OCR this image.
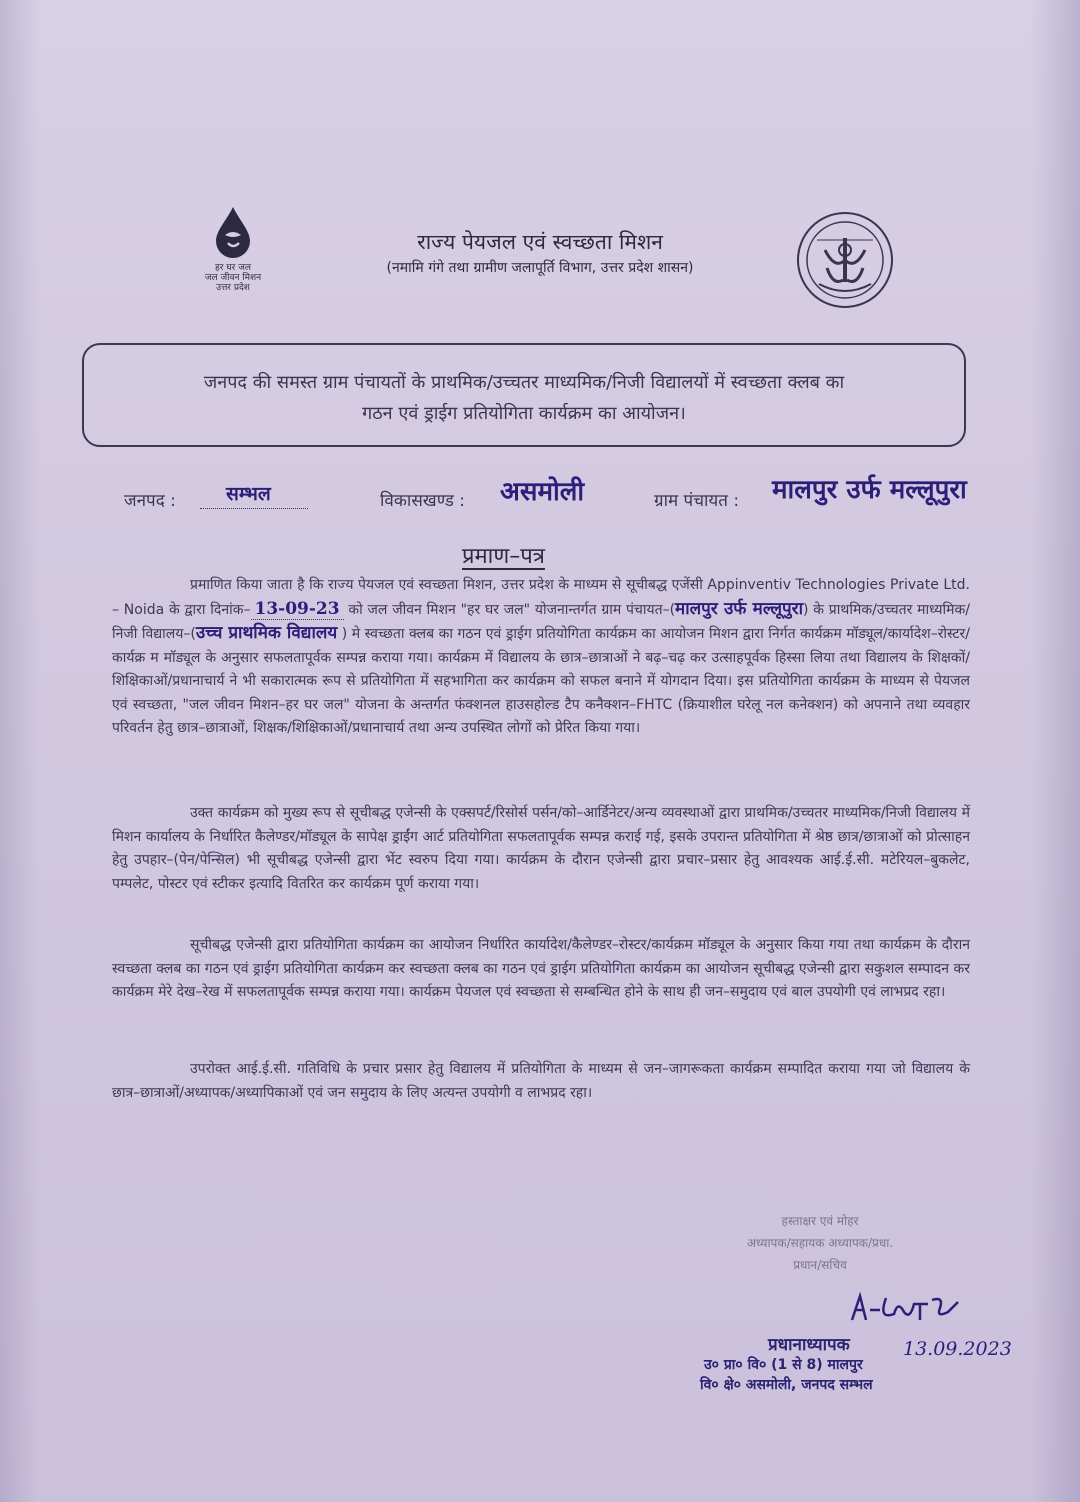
हर घर जल
जल जीवन मिशन
उत्तर प्रदेश
राज्य पेयजल एवं स्वच्छता मिशन
(नमामि गंगे तथा ग्रामीण जलापूर्ति विभाग, उत्तर प्रदेश शासन)

जनपद की समस्त ग्राम पंचायतों के प्राथमिक/उच्चतर माध्यमिक/निजी विद्यालयों में स्वच्छता क्लब का
गठन एवं ड्राईग प्रतियोगिता कार्यक्रम का आयोजन।

जनपद :	सम्भल	विकासखण्ड : असमोली	ग्राम पंचायत : मालपुर उर्फ मल्लूपुरा
प्रमाण–पत्र

प्रमाणित किया जाता है कि राज्य पेयजल एवं स्वच्छता मिशन, उत्तर प्रदेश के माध्यम से सूचीबद्ध एजेंसी Appinventiv Technologies Private Ltd. – Noida के द्वारा दिनांक– 13-09-23 को जल जीवन मिशन "हर घर जल" योजनान्तर्गत ग्राम पंचायत–(मालपुर उर्फ मल्लूपुरा) के प्राथमिक/उच्चतर माध्यमिक/निजी विद्यालय–(उच्च प्राथमिक विद्यालय ) मे स्वच्छता क्लब का गठन एवं ड्राईग प्रतियोगिता कार्यक्रम का आयोजन मिशन द्वारा निर्गत कार्यक्रम मॉड्यूल/कार्यादेश–रोस्टर/कार्यक्र म मॉड्यूल के अनुसार सफलतापूर्वक सम्पन्न कराया गया। कार्यक्रम में विद्यालय के छात्र–छात्राओं ने बढ़–चढ़ कर उत्साहपूर्वक हिस्सा लिया तथा विद्यालय के शिक्षकों/शिक्षिकाओं/प्रधानाचार्य ने भी सकारात्मक रूप से प्रतियोगिता में सहभागिता कर कार्यक्रम को सफल बनाने में योगदान दिया। इस प्रतियोगिता कार्यक्रम के माध्यम से पेयजल एवं स्वच्छता, "जल जीवन मिशन–हर घर जल" योजना के अन्तर्गत फंक्शनल हाउसहोल्ड टैप कनैक्शन–FHTC (क्रियाशील घरेलू नल कनेक्शन) को अपनाने तथा व्यवहार परिवर्तन हेतु छात्र–छात्राओं, शिक्षक/शिक्षिकाओं/प्रधानाचार्य तथा अन्य उपस्थित लोगों को प्रेरित किया गया।

उक्त कार्यक्रम को मुख्य रूप से सूचीबद्ध एजेन्सी के एक्सपर्ट/रिसोर्स पर्सन/को–आर्डिनेटर/अन्य व्यवस्थाओं द्वारा प्राथमिक/उच्चतर माध्यमिक/निजी विद्यालय में मिशन कार्यालय के निर्धारित कैलेण्डर/मॉड्यूल के सापेक्ष ड्राईंग आर्ट प्रतियोगिता सफलतापूर्वक सम्पन्न कराई गई, इसके उपरान्त प्रतियोगिता में श्रेष्ठ छात्र/छात्राओं को प्रोत्साहन हेतु उपहार–(पेन/पेन्सिल) भी सूचीबद्ध एजेन्सी द्वारा भेंट स्वरुप दिया गया। कार्यक्रम के दौरान एजेन्सी द्वारा प्रचार–प्रसार हेतु आवश्यक आई.ई.सी. मटेरियल–बुकलेट, पम्पलेट, पोस्टर एवं स्टीकर इत्यादि वितरित कर कार्यक्रम पूर्ण कराया गया।

सूचीबद्ध एजेन्सी द्वारा प्रतियोगिता कार्यक्रम का आयोजन निर्धारित कार्यादेश/कैलेण्डर–रोस्टर/कार्यक्रम मॉड्यूल के अनुसार किया गया तथा कार्यक्रम के दौरान स्वच्छता क्लब का गठन एवं ड्राईग प्रतियोगिता कार्यक्रम कर स्वच्छता क्लब का गठन एवं ड्राईग प्रतियोगिता कार्यक्रम का आयोजन सूचीबद्ध एजेन्सी द्वारा सकुशल सम्पादन कर कार्यक्रम मेरे देख–रेख में सफलतापूर्वक सम्पन्न कराया गया। कार्यक्रम पेयजल एवं स्वच्छता से सम्बन्धित होने के साथ ही जन–समुदाय एवं बाल उपयोगी एवं लाभप्रद रहा।

उपरोक्त आई.ई.सी. गतिविधि के प्रचार प्रसार हेतु विद्यालय में प्रतियोगिता के माध्यम से जन–जागरूकता कार्यक्रम सम्पादित कराया गया जो विद्यालय के छात्र–छात्राओं/अध्यापक/अध्यापिकाओं एवं जन समुदाय के लिए अत्यन्त उपयोगी व लाभप्रद रहा।

हस्ताक्षर एवं मोहर
अध्यापक/सहायक अध्यापक/प्रधा.
प्रधान/सचिव
प्रधानाध्यापक
उ० प्रा० वि० (1 से 8) मालपुर
वि० क्षे० असमोली, जनपद सम्भल
13.09.2023
